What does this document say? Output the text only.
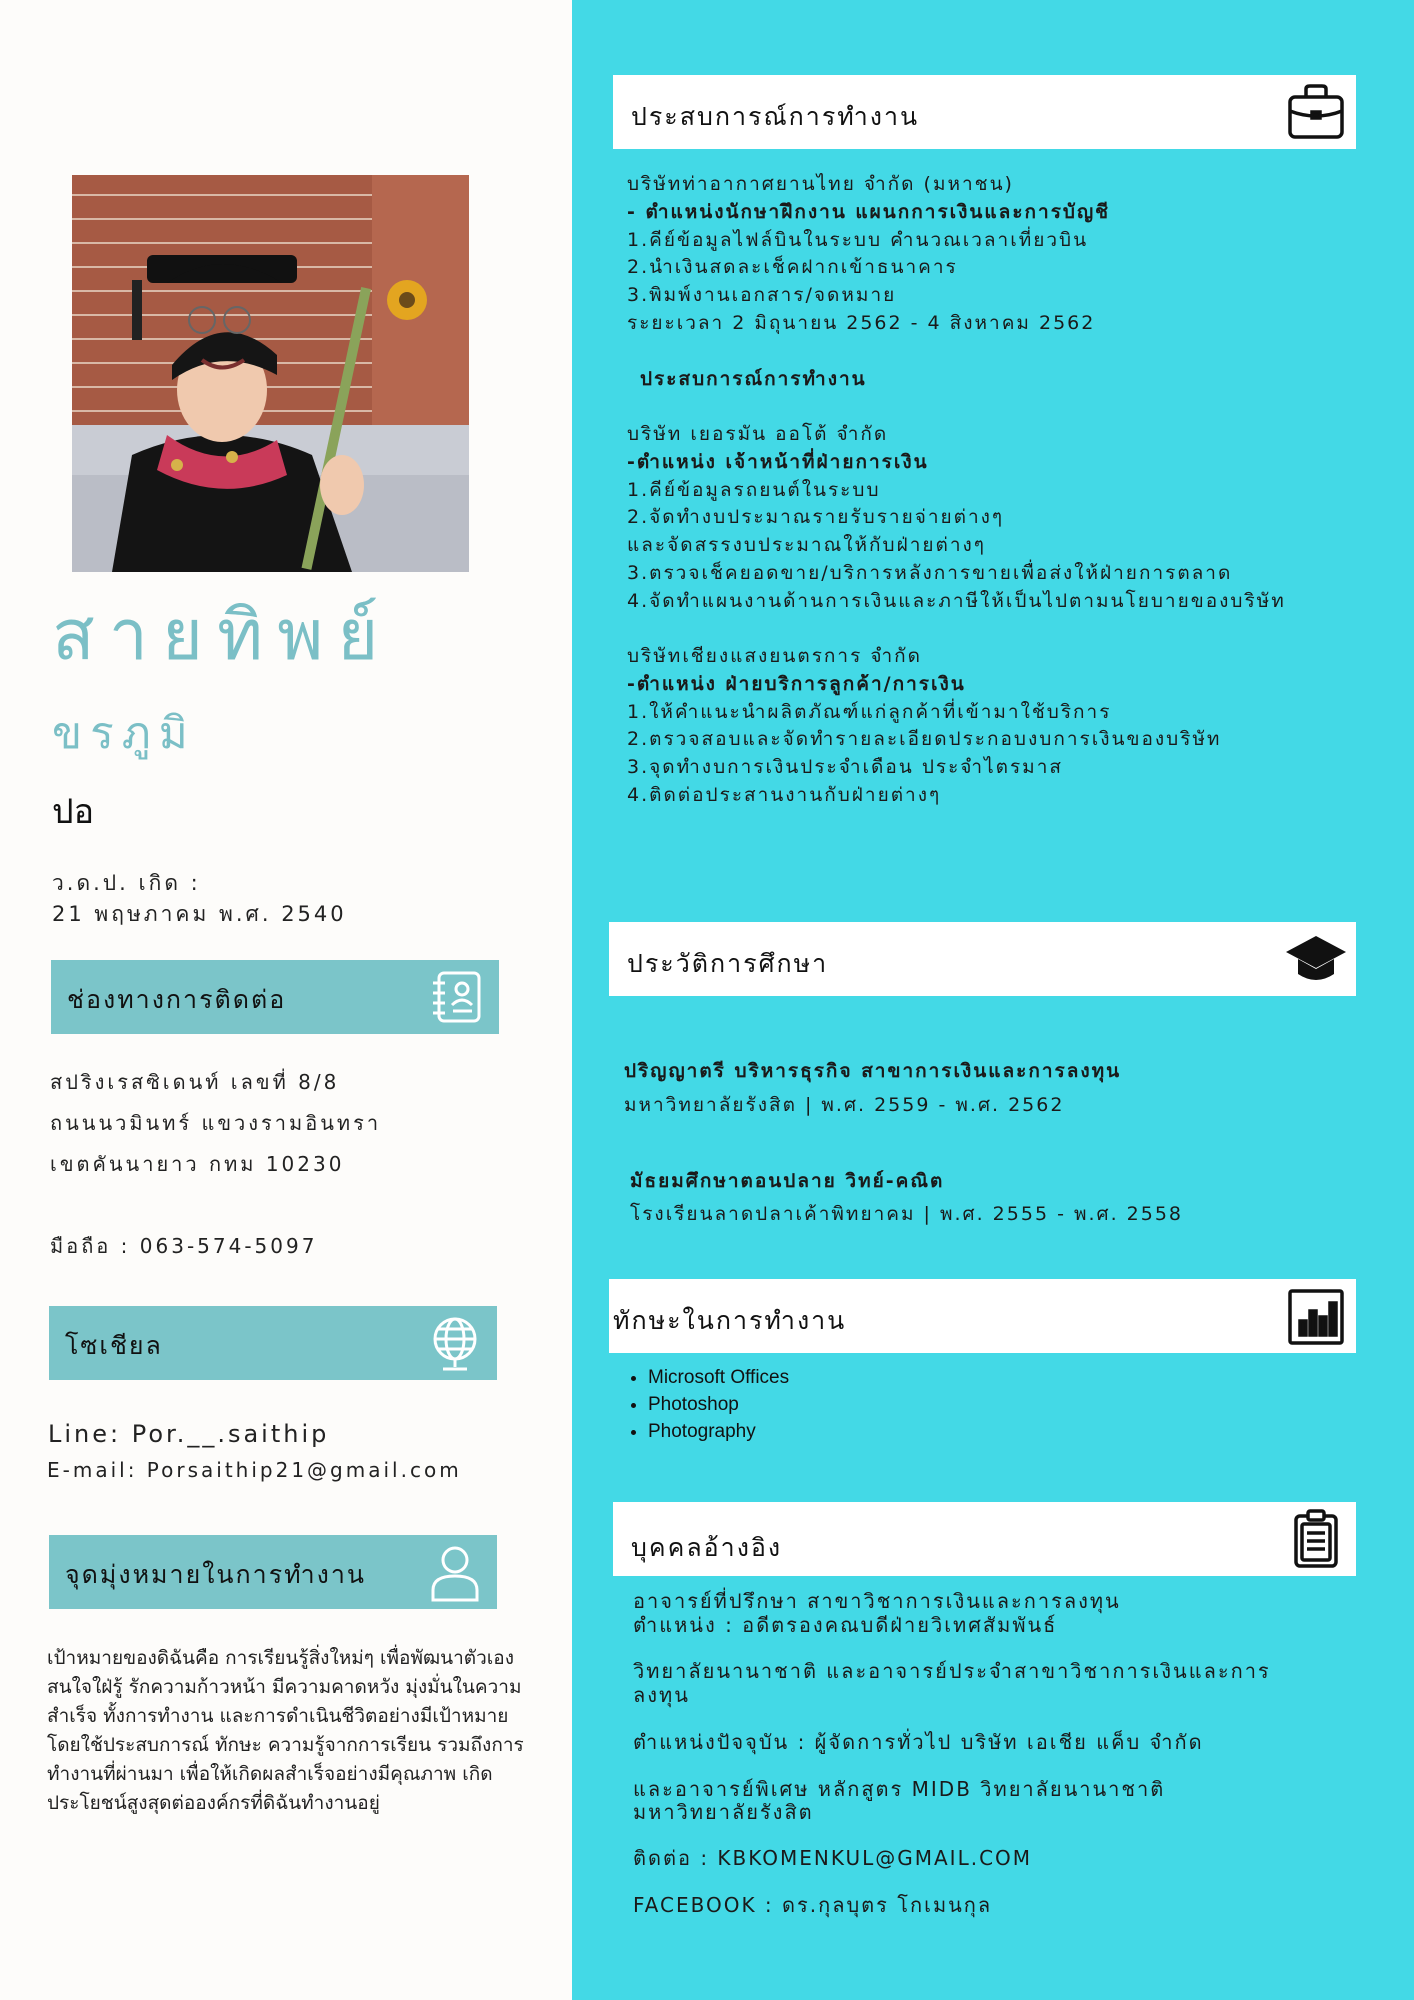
สายทิพย์
ขรภูมิ
ปอ
ว.ด.ป. เกิด :
21 พฤษภาคม พ.ศ. 2540
ช่องทางการติดต่อ
สปริงเรสซิเดนท์ เลขที่ 8/8
ถนนนวมินทร์ แขวงรามอินทรา
เขตคันนายาว กทม 10230
มือถือ : 063-574-5097
โซเชียล
Line: Por.__.saithip
E-mail: Porsaithip21@gmail.com
จุดมุ่งหมายในการทำงาน
เป้าหมายของดิฉันคือ การเรียนรู้สิ่งใหม่ๆ เพื่อพัฒนาตัวเอง สนใจใฝ่รู้ รักความก้าวหน้า มีความคาดหวัง มุ่งมั่นในความสำเร็จ ทั้งการทำงาน และการดำเนินชีวิตอย่างมีเป้าหมายโดยใช้ประสบการณ์ ทักษะ ความรู้จากการเรียน รวมถึงการทำงานที่ผ่านมา เพื่อให้เกิดผลสำเร็จอย่างมีคุณภาพ เกิดประโยชน์สูงสุดต่อองค์กรที่ดิฉันทำงานอยู่
ประสบการณ์การทำงาน
บริษัทท่าอากาศยานไทย จำกัด (มหาชน)
- ตำแหน่งนักษาฝึกงาน แผนกการเงินและการบัญชี
1.คีย์ข้อมูลไฟล์บินในระบบ คำนวณเวลาเที่ยวบิน
2.นำเงินสดละเช็คฝากเข้าธนาคาร
3.พิมพ์งานเอกสาร/จดหมาย
ระยะเวลา 2 มิถุนายน 2562 - 4 สิงหาคม 2562
ประสบการณ์การทำงาน
บริษัท เยอรมัน ออโต้ จำกัด
-ตำแหน่ง เจ้าหน้าที่ฝ่ายการเงิน
1.คีย์ข้อมูลรถยนต์ในระบบ
2.จัดทำงบประมาณรายรับรายจ่ายต่างๆ
และจัดสรรงบประมาณให้กับฝ่ายต่างๆ
3.ตรวจเช็คยอดขาย/บริการหลังการขายเพื่อส่งให้ฝ่ายการตลาด
4.จัดทำแผนงานด้านการเงินและภาษีให้เป็นไปตามนโยบายของบริษัท
บริษัทเชียงแสงยนตรการ จำกัด
-ตำแหน่ง ฝ่ายบริการลูกค้า/การเงิน
1.ให้คำแนะนำผลิตภัณฑ์แก่ลูกค้าที่เข้ามาใช้บริการ
2.ตรวจสอบและจัดทำรายละเอียดประกอบงบการเงินของบริษัท
3.จุดทำงบการเงินประจำเดือน ประจำไตรมาส
4.ติดต่อประสานงานกับฝ่ายต่างๆ
ประวัติการศึกษา
ปริญญาตรี บริหารธุรกิจ สาขาการเงินและการลงทุน
มหาวิทยาลัยรังสิต | พ.ศ. 2559 - พ.ศ. 2562
มัธยมศึกษาตอนปลาย วิทย์-คณิต
โรงเรียนลาดปลาเค้าพิทยาคม | พ.ศ. 2555 - พ.ศ. 2558
ทักษะในการทำงาน
• Microsoft Offices
• Photoshop
• Photography
บุคคลอ้างอิง
อาจารย์ที่ปรึกษา สาขาวิชาการเงินและการลงทุน
ตำแหน่ง : อดีตรองคณบดีฝ่ายวิเทศสัมพันธ์
วิทยาลัยนานาชาติ และอาจารย์ประจำสาขาวิชาการเงินและการ
ลงทุน
ตำแหน่งปัจจุบัน : ผู้จัดการทั่วไป บริษัท เอเชีย แค็บ จำกัด
และอาจารย์พิเศษ หลักสูตร MIDB วิทยาลัยนานาชาติ
มหาวิทยาลัยรังสิต
ติดต่อ : KBKOMENKUL@GMAIL.COM
FACEBOOK : ดร.กุลบุตร โกเมนกุล
